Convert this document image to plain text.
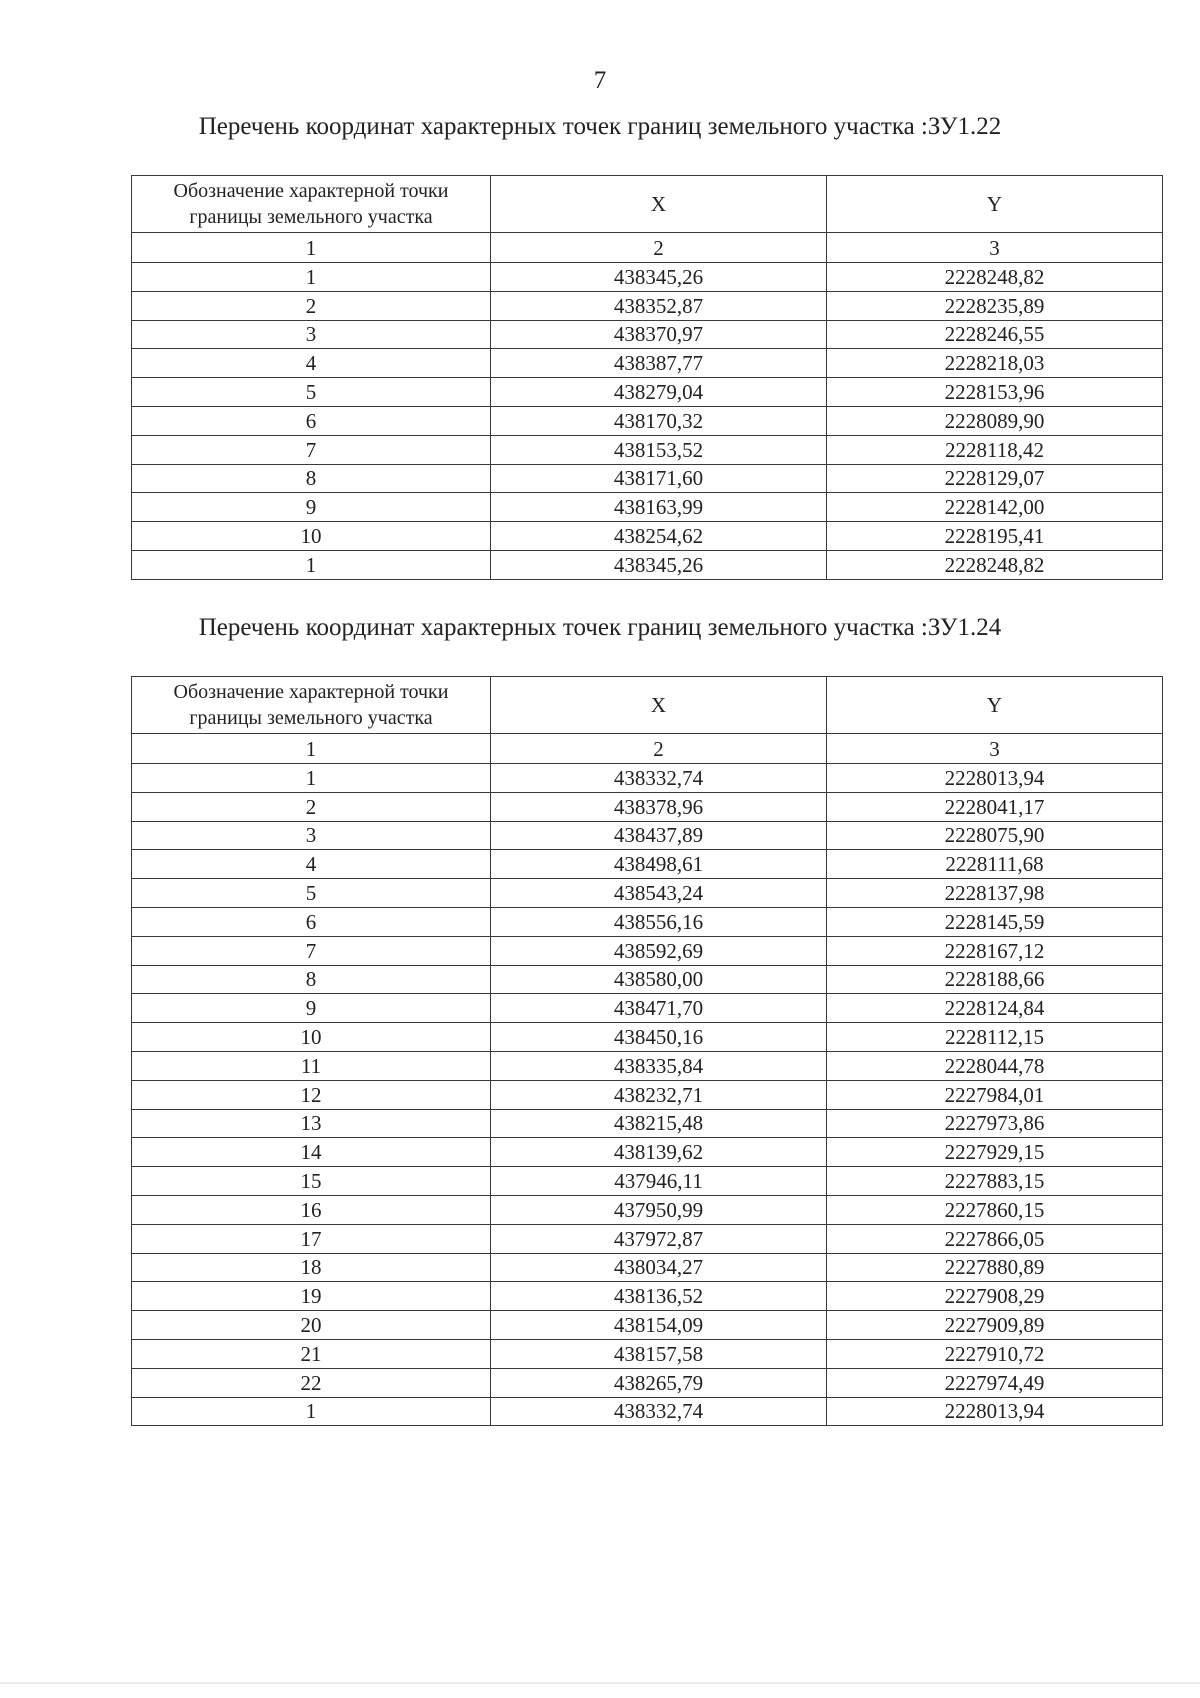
7
Перечень координат характерных точек границ земельного участка :ЗУ1.22
Обозначение характерной точки границы земельного участка	X	Y
1	2	3
1	438345,26	2228248,82
2	438352,87	2228235,89
3	438370,97	2228246,55
4	438387,77	2228218,03
5	438279,04	2228153,96
6	438170,32	2228089,90
7	438153,52	2228118,42
8	438171,60	2228129,07
9	438163,99	2228142,00
10	438254,62	2228195,41
1	438345,26	2228248,82
Перечень координат характерных точек границ земельного участка :ЗУ1.24
Обозначение характерной точки границы земельного участка	X	Y
1	2	3
1	438332,74	2228013,94
2	438378,96	2228041,17
3	438437,89	2228075,90
4	438498,61	2228111,68
5	438543,24	2228137,98
6	438556,16	2228145,59
7	438592,69	2228167,12
8	438580,00	2228188,66
9	438471,70	2228124,84
10	438450,16	2228112,15
11	438335,84	2228044,78
12	438232,71	2227984,01
13	438215,48	2227973,86
14	438139,62	2227929,15
15	437946,11	2227883,15
16	437950,99	2227860,15
17	437972,87	2227866,05
18	438034,27	2227880,89
19	438136,52	2227908,29
20	438154,09	2227909,89
21	438157,58	2227910,72
22	438265,79	2227974,49
1	438332,74	2228013,94
